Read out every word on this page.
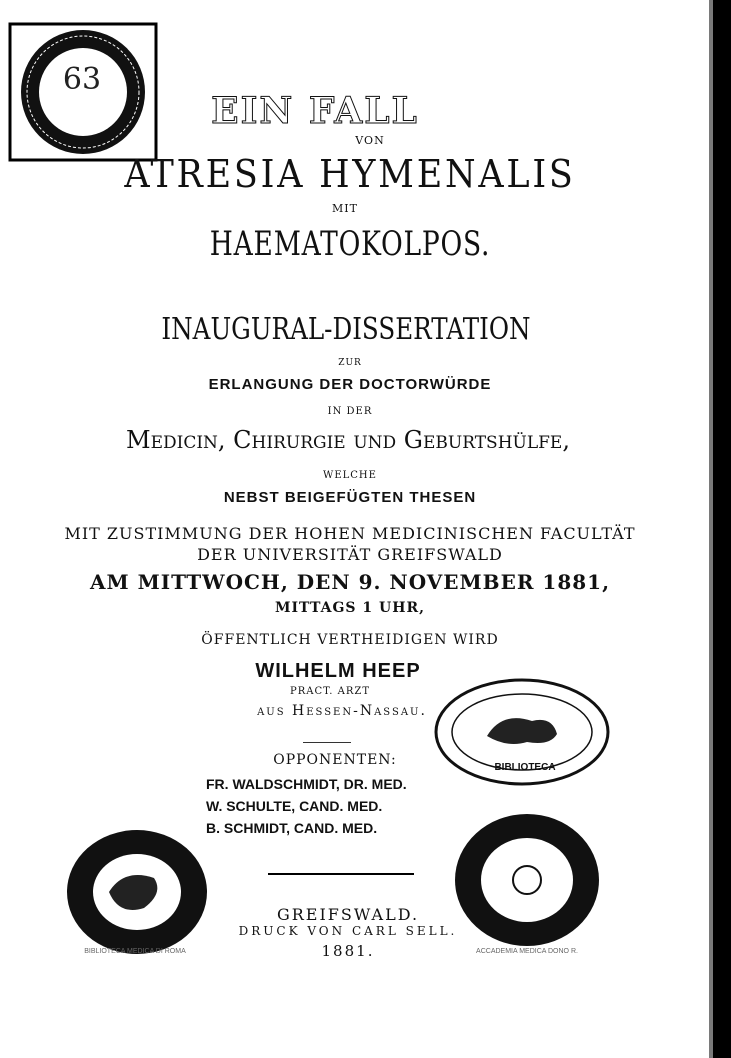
63
EIN FALL
VON
ATRESIA HYMENALIS
MIT
HAEMATOKOLPOS.
INAUGURAL-DISSERTATION
ZUR
ERLANGUNG DER DOCTORWÜRDE
IN DER
Medicin, Chirurgie und Geburtshülfe,
WELCHE
NEBST BEIGEFÜGTEN THESEN
MIT ZUSTIMMUNG DER HOHEN MEDICINISCHEN FACULTÄT
DER UNIVERSITÄT GREIFSWALD
AM MITTWOCH, DEN 9. NOVEMBER 1881,
MITTAGS 1 UHR,
ÖFFENTLICH VERTHEIDIGEN WIRD
WILHELM HEEP
PRACT. ARZT
aus Hessen-Nassau.
OPPONENTEN:
FR. WALDSCHMIDT, DR. MED.
W. SCHULTE, CAND. MED.
B. SCHMIDT, CAND. MED.
GREIFSWALD.
DRUCK VON CARL SELL.
1881.
BIBLIOTECA
BIBLIOTECA MEDICA DI ROMA	ACCADEMIA MEDICA DONO R.
